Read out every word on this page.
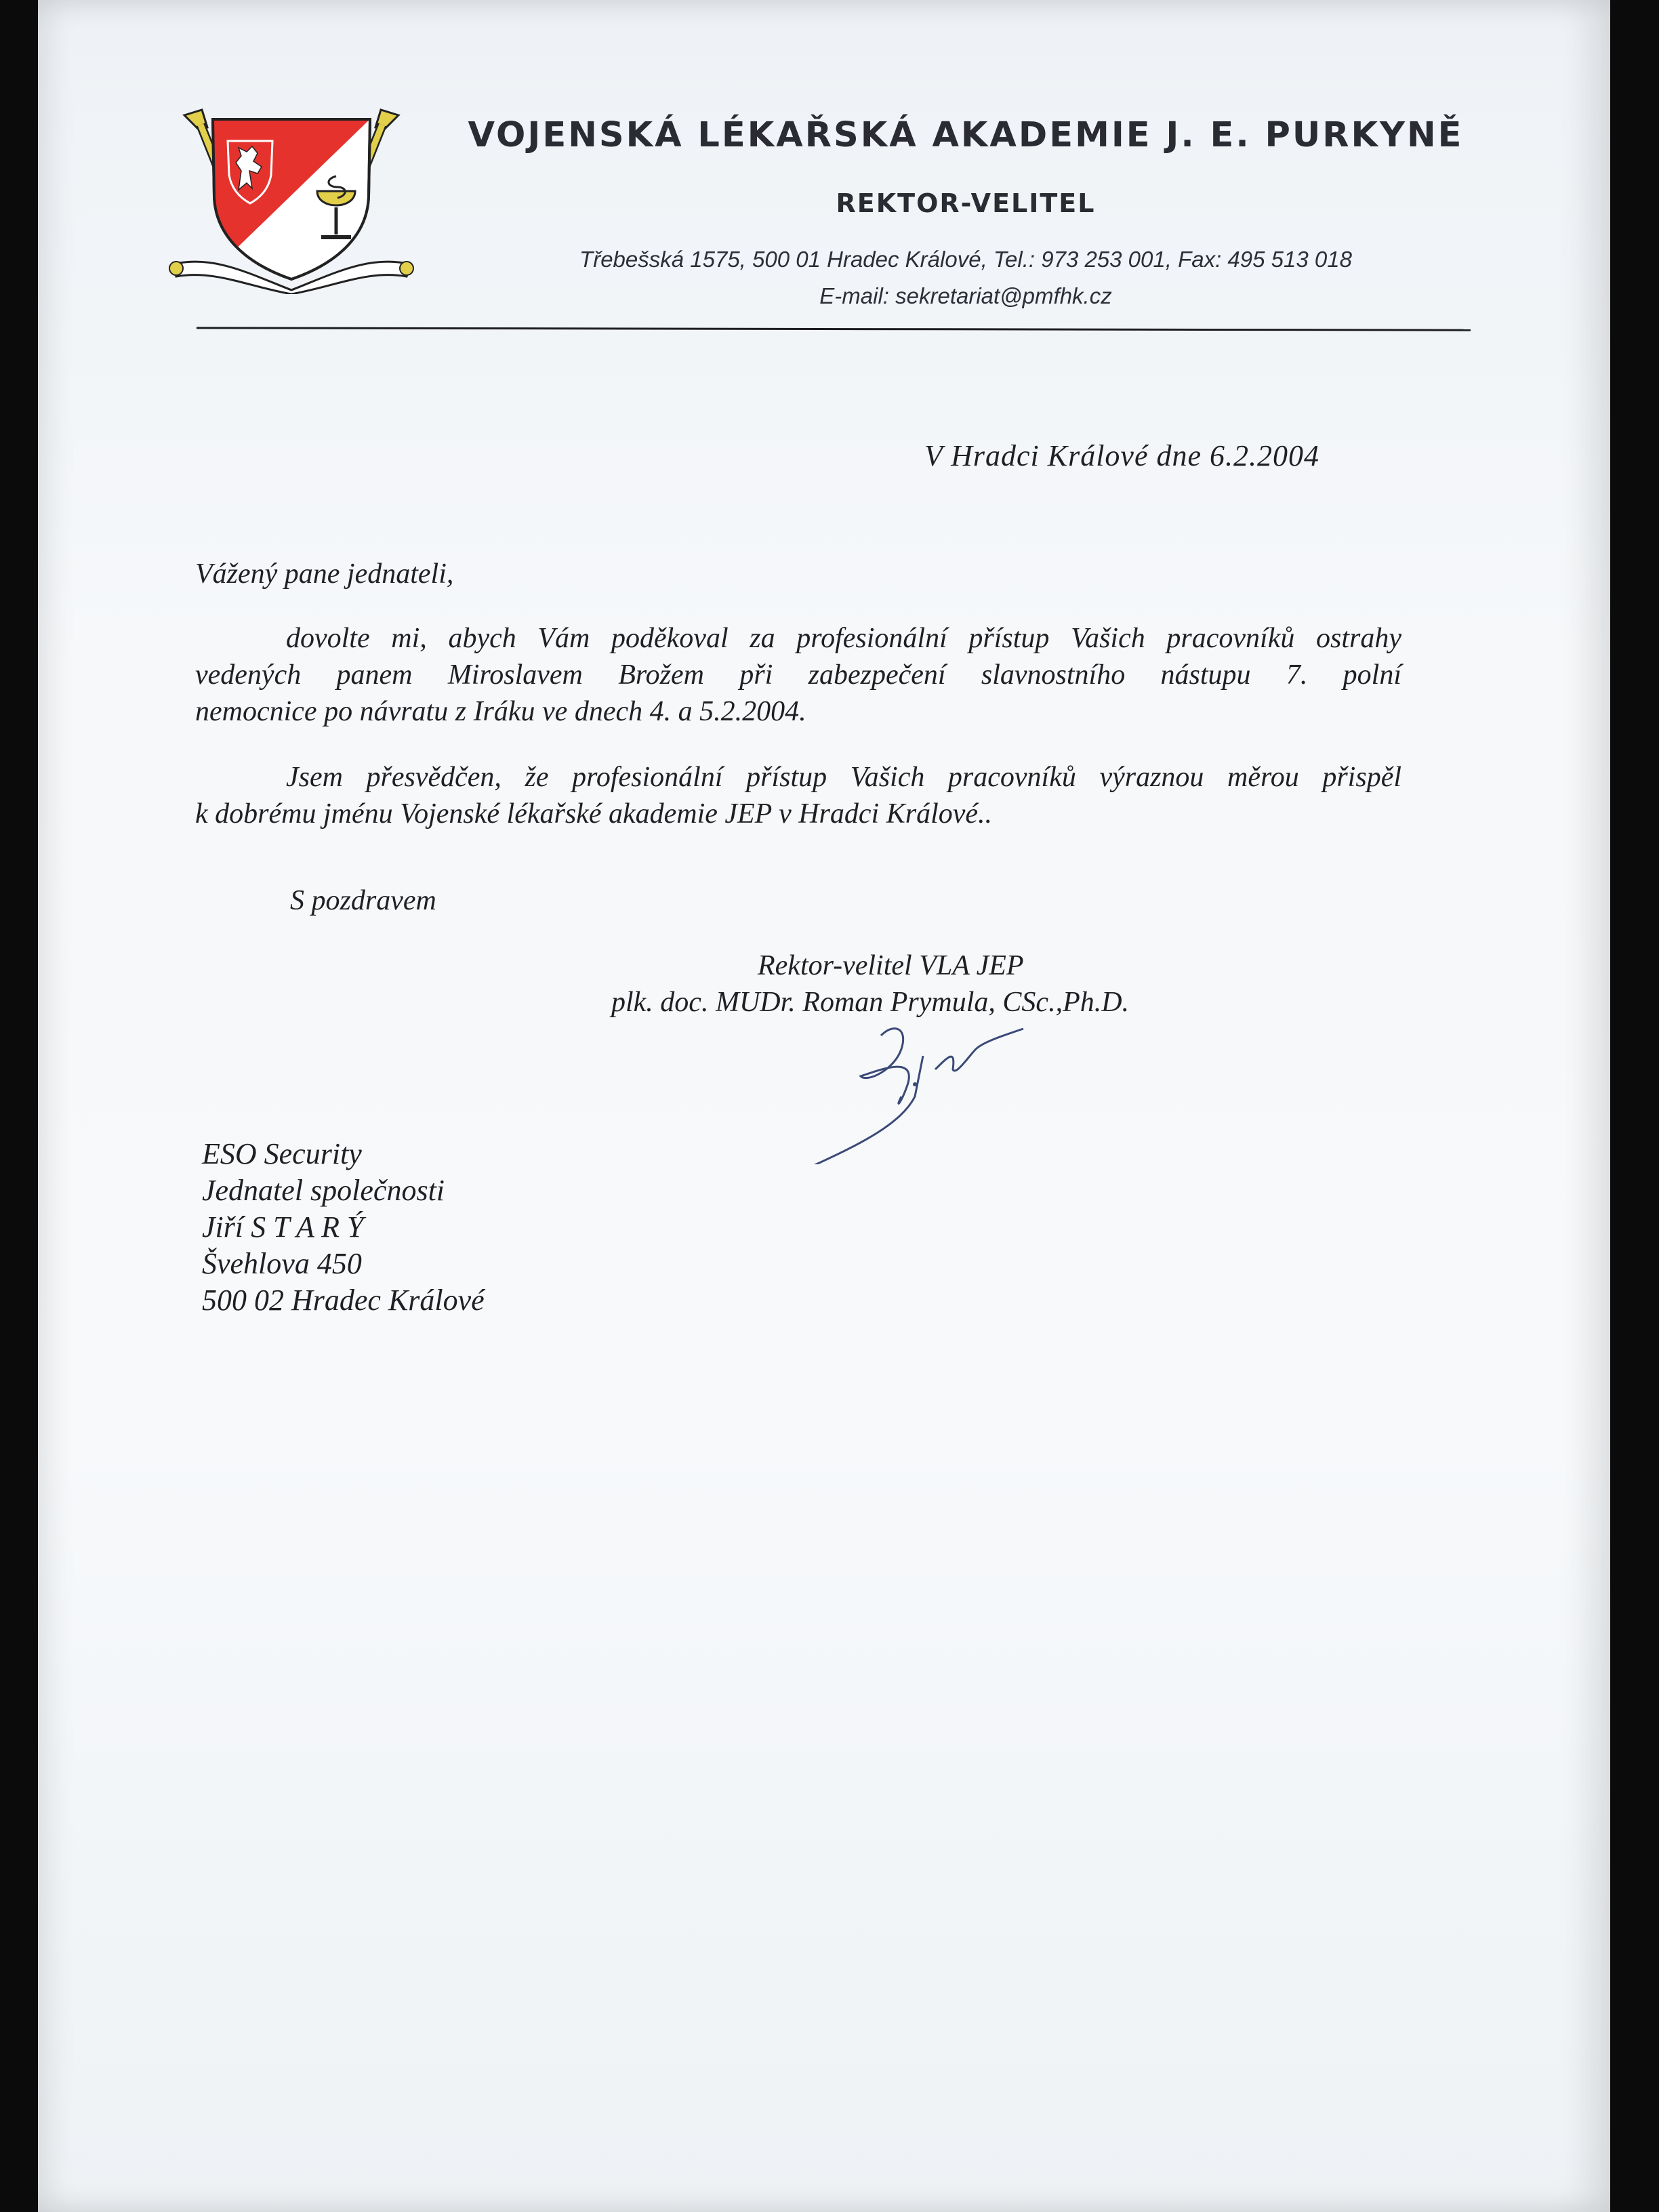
VOJENSKÁ LÉKAŘSKÁ AKADEMIE J. E. PURKYNĚ
REKTOR-VELITEL
Třebešská 1575, 500 01 Hradec Králové, Tel.: 973 253 001, Fax: 495 513 018
E-mail: sekretariat@pmfhk.cz
V Hradci Králové dne 6.2.2004
Vážený pane jednateli,
dovolte mi, abych Vám poděkoval za profesionální přístup Vašich pracovníků ostrahy
vedených panem Miroslavem Brožem při zabezpečení slavnostního nástupu 7. polní
nemocnice po návratu z Iráku ve dnech 4. a 5.2.2004.
Jsem přesvědčen, že profesionální přístup Vašich pracovníků výraznou měrou přispěl
k dobrému jménu Vojenské lékařské akademie JEP v Hradci Králové..
S pozdravem
Rektor-velitel VLA JEP
plk. doc. MUDr. Roman Prymula, CSc.,Ph.D.
ESO Security
Jednatel společnosti
Jiří S T A R Ý
Švehlova 450
500 02 Hradec Králové
